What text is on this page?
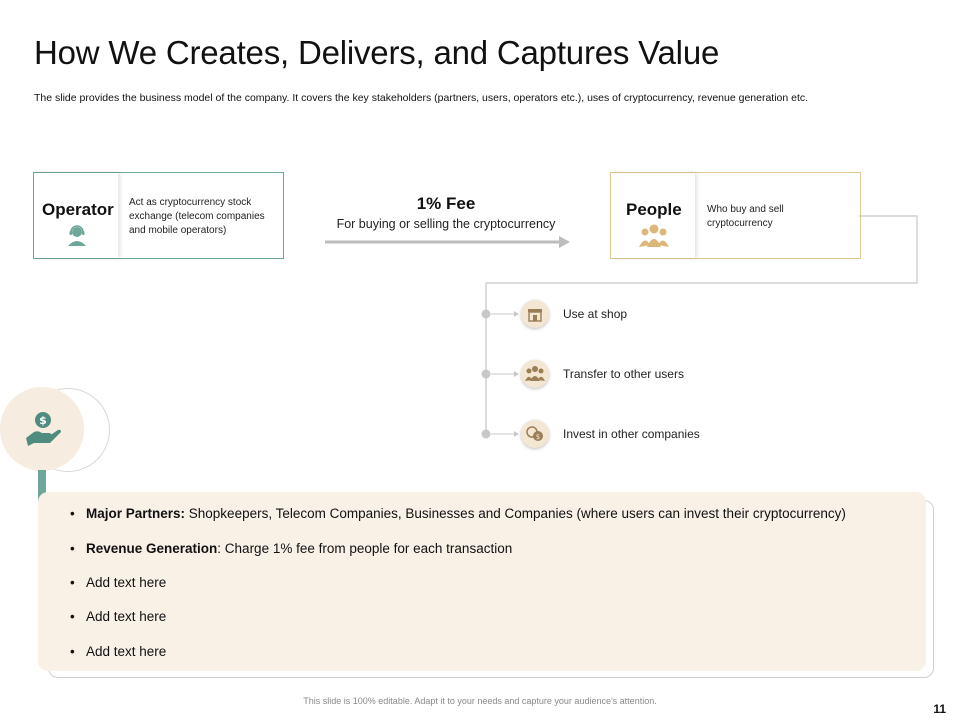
How We Creates, Delivers, and Captures Value
The slide provides the business model of the company. It covers the key stakeholders (partners, users, operators etc.), uses of cryptocurrency, revenue generation etc.
Operator Act as cryptocurrency stock
exchange (telecom companies
and mobile operators)
1% Fee
For buying or selling the cryptocurrency
People	Who buy and sell
cryptocurrency
Use at shop
Transfer to other users
$ Invest in other companies
$
• Major Partners: Shopkeepers, Telecom Companies, Businesses and Companies (where users can invest their cryptocurrency)
• Revenue Generation: Charge 1% fee from people for each transaction
• Add text here
• Add text here
• Add text here
This slide is 100% editable. Adapt it to your needs and capture your audience's attention.
11
